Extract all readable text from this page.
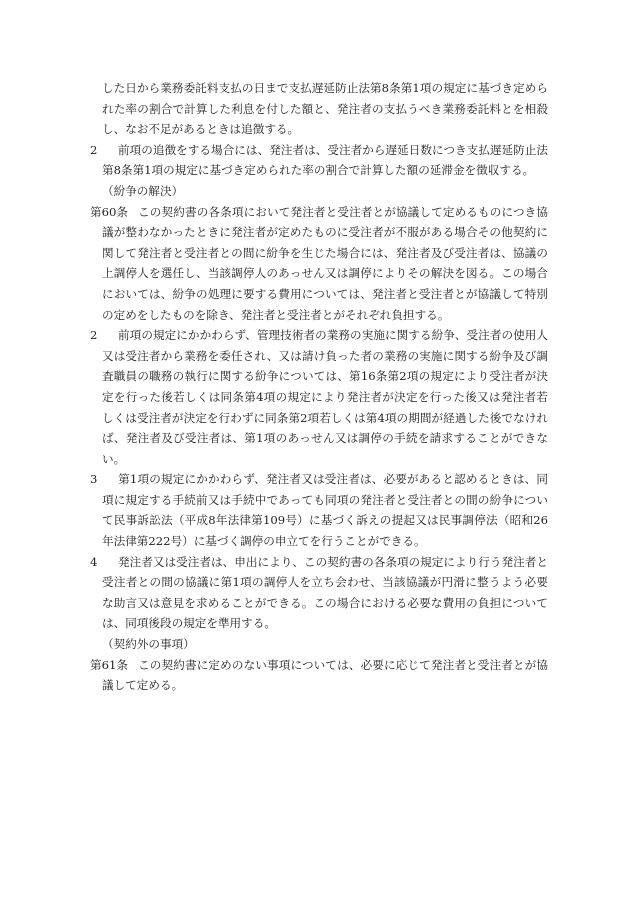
した日から業務委託料支払の日まで支払遅延防止法第8条第1項の規定に基づき定められた率の割合で計算した利息を付した額と、発注者の支払うべき業務委託料とを相殺し、なお不足があるときは追徴する。

2 前項の追徴をする場合には、発注者は、受注者から遅延日数につき支払遅延防止法第8条第1項の規定に基づき定められた率の割合で計算した額の延滞金を徴収する。

（紛争の解決）

第60条 この契約書の各条項において発注者と受注者とが協議して定めるものにつき協議が整わなかったときに発注者が定めたものに受注者が不服がある場合その他契約に関して発注者と受注者との間に紛争を生じた場合には、発注者及び受注者は、協議の上調停人を選任し、当該調停人のあっせん又は調停によりその解決を図る。この場合においては、紛争の処理に要する費用については、発注者と受注者とが協議して特別の定めをしたものを除き、発注者と受注者とがそれぞれ負担する。

2 前項の規定にかかわらず、管理技術者の業務の実施に関する紛争、受注者の使用人又は受注者から業務を委任され、又は請け負った者の業務の実施に関する紛争及び調査職員の職務の執行に関する紛争については、第16条第2項の規定により受注者が決定を行った後若しくは同条第4項の規定により発注者が決定を行った後又は発注者若しくは受注者が決定を行わずに同条第2項若しくは第4項の期間が経過した後でなければ、発注者及び受注者は、第1項のあっせん又は調停の手続を請求することができない。

3 第1項の規定にかかわらず、発注者又は受注者は、必要があると認めるときは、同項に規定する手続前又は手続中であっても同項の発注者と受注者との間の紛争について民事訴訟法（平成8年法律第109号）に基づく訴えの提起又は民事調停法（昭和26年法律第222号）に基づく調停の申立てを行うことができる。

4 発注者又は受注者は、申出により、この契約書の各条項の規定により行う発注者と受注者との間の協議に第1項の調停人を立ち会わせ、当該協議が円滑に整うよう必要な助言又は意見を求めることができる。この場合における必要な費用の負担については、同項後段の規定を準用する。

（契約外の事項）

第61条 この契約書に定めのない事項については、必要に応じて発注者と受注者とが協議して定める。
